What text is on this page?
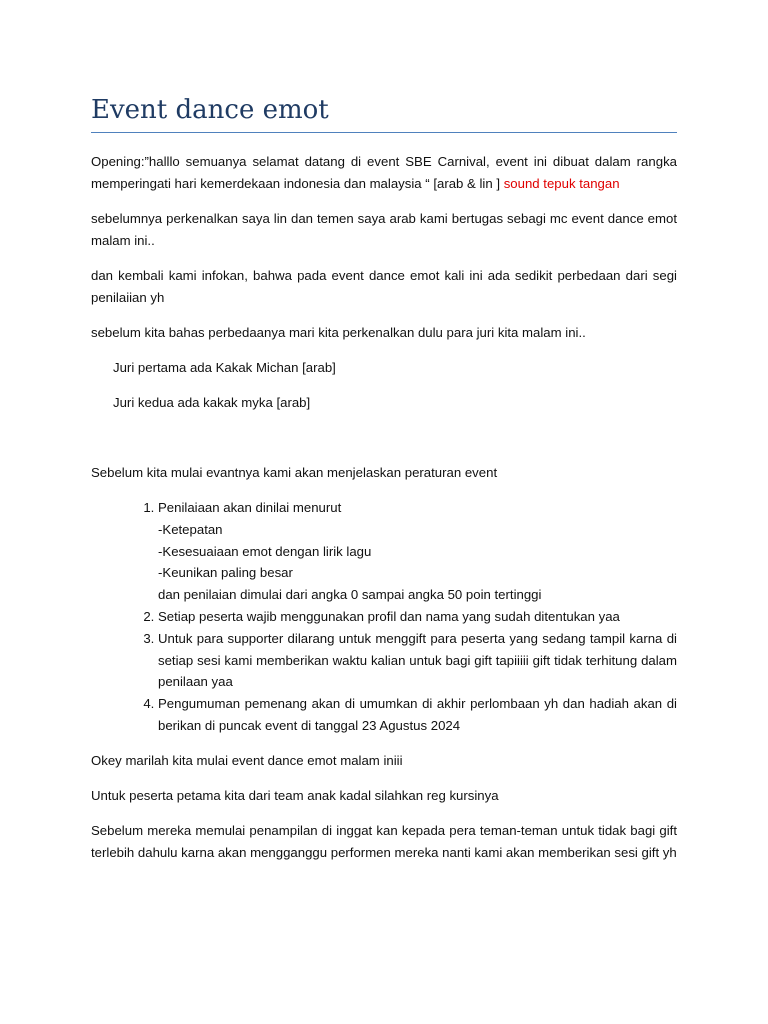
Event dance emot

Opening:”halllo semuanya selamat datang di event SBE Carnival, event ini dibuat dalam rangka memperingati hari kemerdekaan indonesia dan malaysia “ [arab & lin ] sound tepuk tangan

sebelumnya perkenalkan saya lin dan temen saya arab kami bertugas sebagi mc event dance emot malam ini..

dan kembali kami infokan, bahwa pada event dance emot kali ini ada sedikit perbedaan dari segi penilaiian yh

sebelum kita bahas perbedaanya mari kita perkenalkan dulu para juri kita malam ini..

Juri pertama ada Kakak Michan [arab]

Juri kedua ada kakak myka [arab]

Sebelum kita mulai evantnya kami akan menjelaskan peraturan event

1. Penilaiaan akan dinilai menurut
-Ketepatan
-Kesesuaiaan emot dengan lirik lagu
-Keunikan paling besar
dan penilaian dimulai dari angka 0 sampai angka 50 poin tertinggi
2. Setiap peserta wajib menggunakan profil dan nama yang sudah ditentukan yaa
3. Untuk para supporter dilarang untuk menggift para peserta yang sedang tampil karna di setiap sesi kami memberikan waktu kalian untuk bagi gift tapiiiii gift tidak terhitung dalam penilaan yaa
4. Pengumuman pemenang akan di umumkan di akhir perlombaan yh dan hadiah akan di berikan di puncak event di tanggal 23 Agustus 2024

Okey marilah kita mulai event dance emot malam iniii

Untuk peserta petama kita dari team anak kadal silahkan reg kursinya

Sebelum mereka memulai penampilan di inggat kan kepada pera teman-teman untuk tidak bagi gift terlebih dahulu karna akan mengganggu performen mereka nanti kami akan memberikan sesi gift yh
